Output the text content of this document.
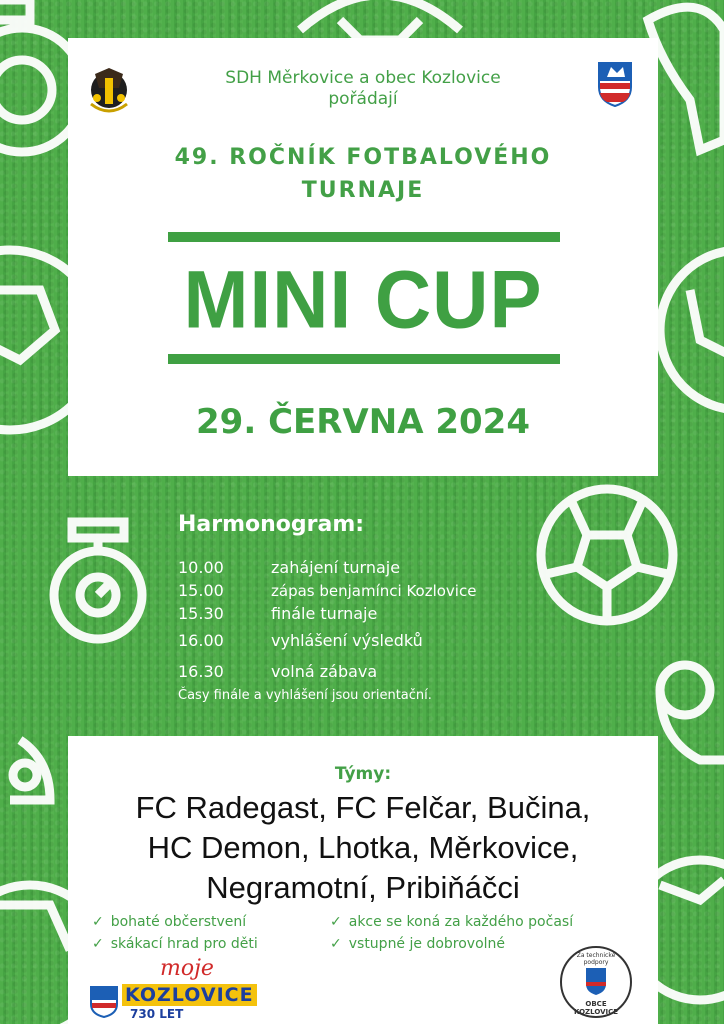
SDH Měrkovice a obec Kozlovice
pořádají
49. ROČNÍK FOTBALOVÉHO
TURNAJE
MINI CUP
29. ČERVNA 2024
Harmonogram:
10.00	zahájení turnaje
15.00	zápas benjamínci Kozlovice
15.30	finále turnaje
16.00	vyhlášení výsledků
16.30	volná zábava
Časy finále a vyhlášení jsou orientační.
Týmy:
FC Radegast, FC Felčar, Bučina,
HC Demon, Lhotka, Měrkovice,
Negramotní, Pribiňáčci
✓ bohaté občerstvení
✓ skákací hrad pro děti
✓ akce se koná za každého počasí
✓ vstupné je dobrovolné
moje
KOZLOVICE
730 LET
Za technické podpory
OBCE KOZLOVICE
